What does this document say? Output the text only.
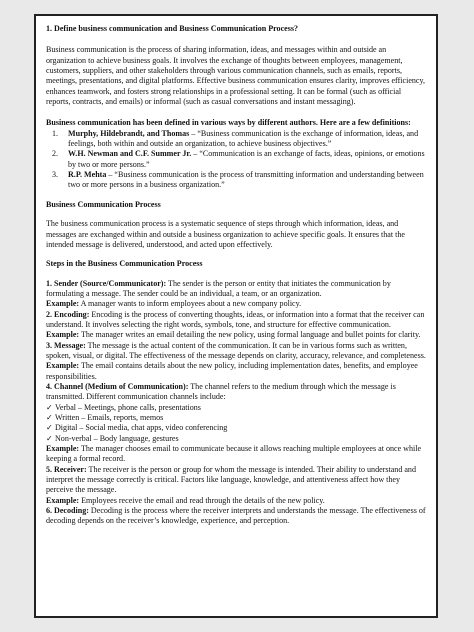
1. Define business communication and Business Communication Process?

Business communication is the process of sharing information, ideas, and messages within and outside an organization to achieve business goals. It involves the exchange of thoughts between employees, management, customers, suppliers, and other stakeholders through various communication channels, such as emails, reports, meetings, presentations, and digital platforms. Effective business communication ensures clarity, improves efficiency, enhances teamwork, and fosters strong relationships in a professional setting. It can be formal (such as official reports, contracts, and emails) or informal (such as casual conversations and instant messaging).

Business communication has been defined in various ways by different authors. Here are a few definitions:

1.	Murphy, Hildebrandt, and Thomas – “Business communication is the exchange of information, ideas, and feelings, both within and outside an organization, to achieve business objectives.”
2.	W.H. Newman and C.F. Summer Jr. – “Communication is an exchange of facts, ideas, opinions, or emotions by two or more persons.”
3.	R.P. Mehta – “Business communication is the process of transmitting information and understanding between two or more persons in a business organization.”

Business Communication Process

The business communication process is a systematic sequence of steps through which information, ideas, and messages are exchanged within and outside a business organization to achieve specific goals. It ensures that the intended message is delivered, understood, and acted upon effectively.

Steps in the Business Communication Process

1. Sender (Source/Communicator): The sender is the person or entity that initiates the communication by formulating a message. The sender could be an individual, a team, or an organization.

Example: A manager wants to inform employees about a new company policy.

2. Encoding: Encoding is the process of converting thoughts, ideas, or information into a format that the receiver can understand. It involves selecting the right words, symbols, tone, and structure for effective communication.

Example: The manager writes an email detailing the new policy, using formal language and bullet points for clarity.

3. Message: The message is the actual content of the communication. It can be in various forms such as written, spoken, visual, or digital. The effectiveness of the message depends on clarity, accuracy, relevance, and completeness.

Example: The email contains details about the new policy, including implementation dates, benefits, and employee responsibilities.

4. Channel (Medium of Communication): The channel refers to the medium through which the message is transmitted. Different communication channels include:

✓ Verbal – Meetings, phone calls, presentations

✓ Written – Emails, reports, memos

✓ Digital – Social media, chat apps, video conferencing

✓ Non-verbal – Body language, gestures

Example: The manager chooses email to communicate because it allows reaching multiple employees at once while keeping a formal record.

5. Receiver: The receiver is the person or group for whom the message is intended. Their ability to understand and interpret the message correctly is critical. Factors like language, knowledge, and attentiveness affect how they perceive the message.

Example: Employees receive the email and read through the details of the new policy.

6. Decoding: Decoding is the process where the receiver interprets and understands the message. The effectiveness of decoding depends on the receiver’s knowledge, experience, and perception.
